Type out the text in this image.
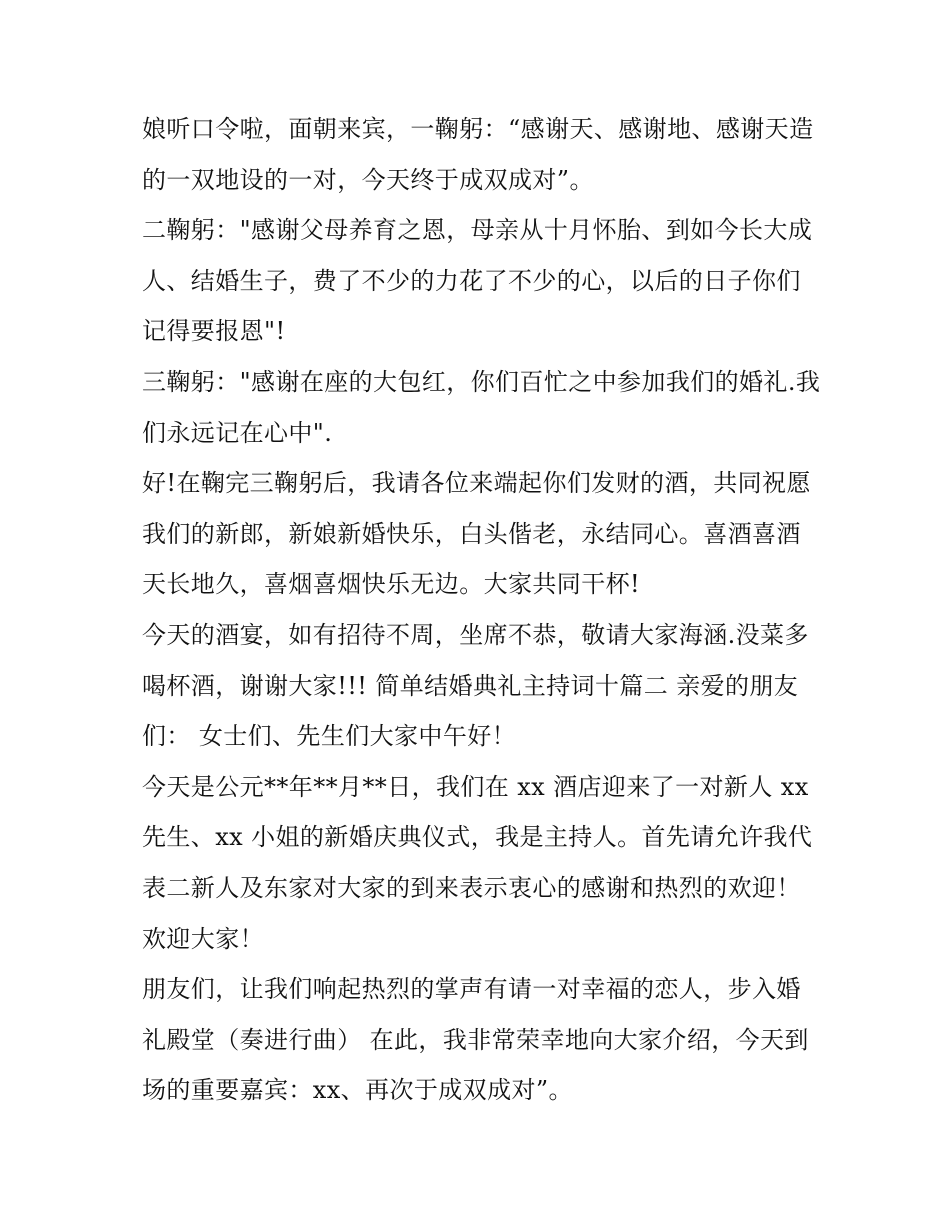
娘听口令啦，面朝来宾，一鞠躬：“感谢天、感谢地、感谢天造的一双地设的一对，今天终于成双成对”。

二鞠躬："感谢父母养育之恩，母亲从十月怀胎、到如今长大成人、结婚生子，费了不少的力花了不少的心，以后的日子你们记得要报恩"!

三鞠躬："感谢在座的大包红，你们百忙之中参加我们的婚礼.我们永远记在心中".

好!在鞠完三鞠躬后，我请各位来端起你们发财的酒，共同祝愿我们的新郎，新娘新婚快乐，白头偕老，永结同心。喜酒喜酒天长地久，喜烟喜烟快乐无边。大家共同干杯!

今天的酒宴，如有招待不周，坐席不恭，敬请大家海涵.没菜多喝杯酒，谢谢大家!!! 简单结婚典礼主持词十篇二 亲爱的朋友们： 女士们、先生们大家中午好！

今天是公元**年**月**日，我们在 xx 酒店迎来了一对新人 xx 先生、xx 小姐的新婚庆典仪式，我是主持人。首先请允许我代表二新人及东家对大家的到来表示衷心的感谢和热烈的欢迎！欢迎大家！

朋友们，让我们响起热烈的掌声有请一对幸福的恋人，步入婚礼殿堂（奏进行曲） 在此，我非常荣幸地向大家介绍，今天到场的重要嘉宾：xx、再次于成双成对”。
